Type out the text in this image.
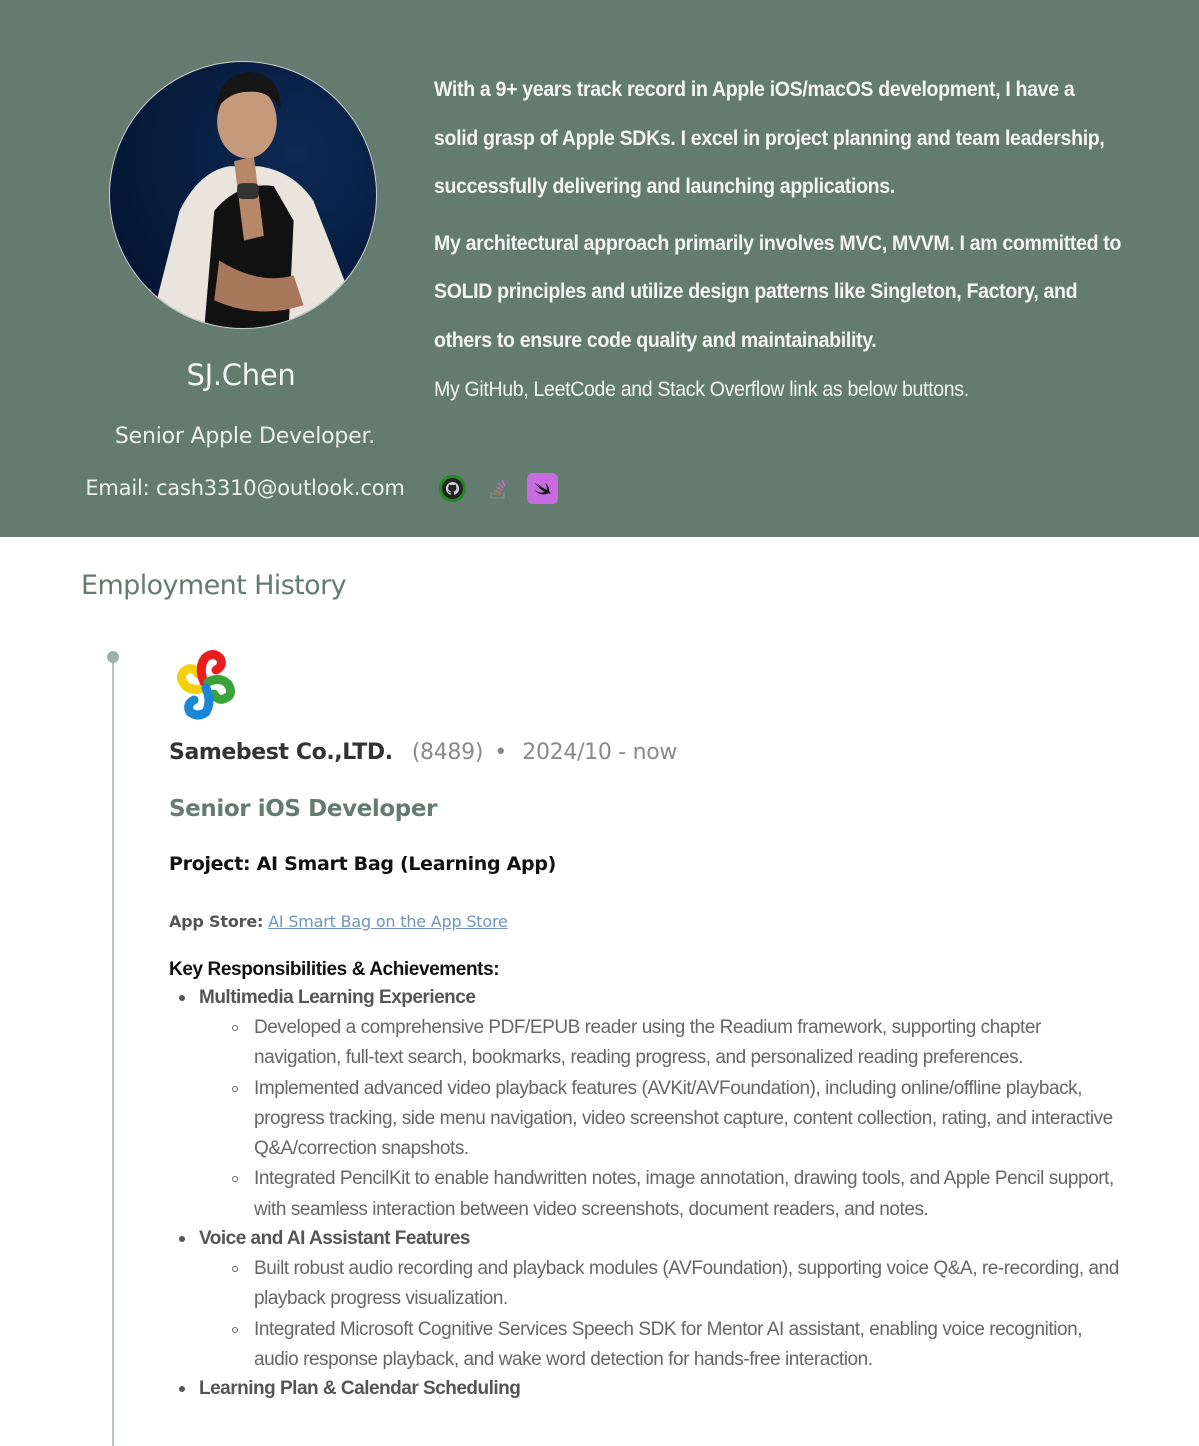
SJ.Chen
Senior Apple Developer.
Email: cash3310@outlook.com

With a 9+ years track record in Apple iOS/macOS development, I have a solid grasp of Apple SDKs. I excel in project planning and team leadership, successfully delivering and launching applications.

My architectural approach primarily involves MVC, MVVM. I am committed to SOLID principles and utilize design patterns like Singleton, Factory, and others to ensure code quality and maintainability.

My GitHub, LeetCode and Stack Overflow link as below buttons.

Employment History
Samebest Co.,LTD. (8489) • 2024/10 - now
Senior iOS Developer
Project: AI Smart Bag (Learning App)
App Store: AI Smart Bag on the App Store
Key Responsibilities & Achievements:
Multimedia Learning Experience
Developed a comprehensive PDF/EPUB reader using the Readium framework, supporting chapter navigation, full-text search, bookmarks, reading progress, and personalized reading preferences.
Implemented advanced video playback features (AVKit/AVFoundation), including online/offline playback, progress tracking, side menu navigation, video screenshot capture, content collection, rating, and interactive Q&A/correction snapshots.
Integrated PencilKit to enable handwritten notes, image annotation, drawing tools, and Apple Pencil support, with seamless interaction between video screenshots, document readers, and notes.
Voice and AI Assistant Features
Built robust audio recording and playback modules (AVFoundation), supporting voice Q&A, re-recording, and playback progress visualization.
Integrated Microsoft Cognitive Services Speech SDK for Mentor AI assistant, enabling voice recognition, audio response playback, and wake word detection for hands-free interaction.
Learning Plan & Calendar Scheduling
